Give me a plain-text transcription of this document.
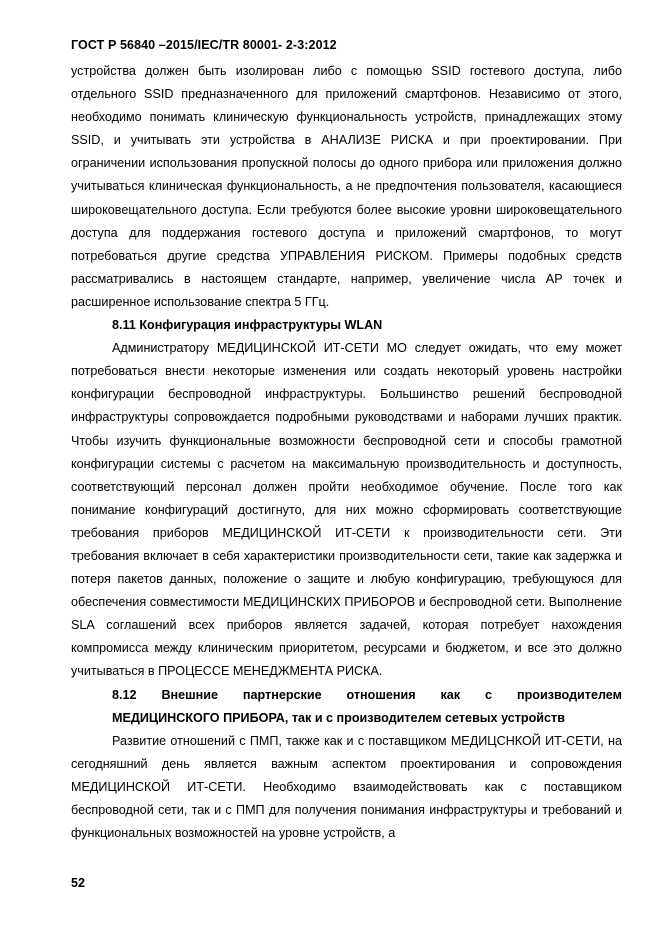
ГОСТ Р 56840 –2015/IEC/TR 80001- 2-3:2012

устройства должен быть изолирован либо с помощью SSID гостевого доступа, либо отдельного SSID предназначенного для приложений смартфонов. Независимо от этого, необходимо понимать клиническую функциональность устройств, принадлежащих этому SSID, и учитывать эти устройства в АНАЛИЗЕ РИСКА и при проектировании. При ограничении использования пропускной полосы до одного прибора или приложения должно учитываться клиническая функциональность, а не предпочтения пользователя, касающиеся широковещательного доступа. Если требуются более высокие уровни широковещательного доступа для поддержания гостевого доступа и приложений смартфонов, то могут потребоваться другие средства УПРАВЛЕНИЯ РИСКОМ. Примеры подобных средств рассматривались в настоящем стандарте, например, увеличение числа АР точек и расширенное использование спектра 5 ГГц.

8.11 Конфигурация инфраструктуры WLAN

Администратору МЕДИЦИНСКОЙ ИТ-СЕТИ МО следует ожидать, что ему может потребоваться внести некоторые изменения или создать некоторый уровень настройки конфигурации беспроводной инфраструктуры. Большинство решений беспроводной инфраструктуры сопровождается подробными руководствами и наборами лучших практик. Чтобы изучить функциональные возможности беспроводной сети и способы грамотной конфигурации системы с расчетом на максимальную производительность и доступность, соответствующий персонал должен пройти необходимое обучение. После того как понимание конфигураций достигнуто, для них можно сформировать соответствующие требования приборов МЕДИЦИНСКОЙ ИТ-СЕТИ к производительности сети. Эти требования включает в себя характеристики производительности сети, такие как задержка и потеря пакетов данных, положение о защите и любую конфигурацию, требующуюся для обеспечения совместимости МЕДИЦИНСКИХ ПРИБОРОВ и беспроводной сети. Выполнение SLA соглашений всех приборов является задачей, которая потребует нахождения компромисса между клиническим приоритетом, ресурсами и бюджетом, и все это должно учитываться в ПРОЦЕССЕ МЕНЕДЖМЕНТА РИСКА.

8.12 Внешние партнерские отношения как с производителем

МЕДИЦИНСКОГО ПРИБОРА, так и с производителем сетевых устройств

Развитие отношений с ПМП, также как и с поставщиком МЕДИЦСНКОЙ ИТ-СЕТИ, на сегодняшний день является важным аспектом проектирования и сопровождения МЕДИЦИНСКОЙ ИТ-СЕТИ. Необходимо взаимодействовать как с поставщиком беспроводной сети, так и с ПМП для получения понимания инфраструктуры и требований и функциональных возможностей на уровне устройств, а

52
